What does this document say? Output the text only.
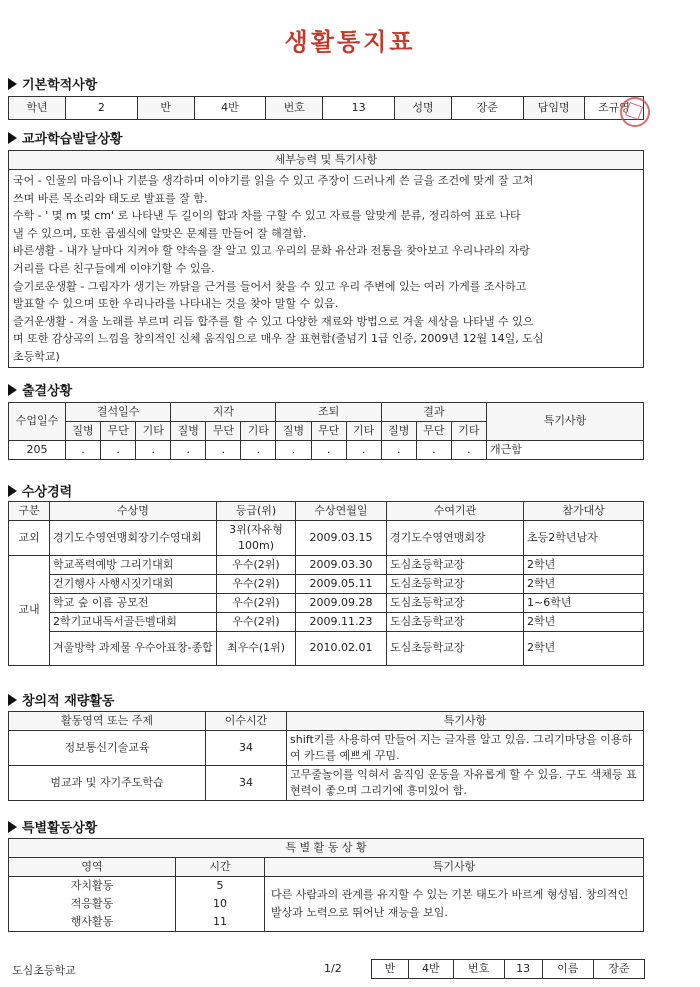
생활통지표
기본학적사항
학년	2	반	4반	번호	13	성명	장준	담임명	조규영
교과학습발달상황
세부능력 및 특기사항

국어 - 인물의 마음이나 기분을 생각하며 이야기를 읽을 수 있고 주장이 드러나게 쓴 글을 조건에 맞게 잘 고쳐
쓰며 바른 목소리와 태도로 발표를 잘 함.
수학 - ' 몇 m 몇 cm' 로 나타낸 두 길이의 합과 차를 구할 수 있고 자료를 알맞게 분류, 정리하여 표로 나타
낼 수 있으며, 또한 곱셈식에 알맞은 문제를 만들어 잘 해결함.
바른생활 - 내가 날마다 지켜야 할 약속을 잘 알고 있고 우리의 문화 유산과 전통을 찾아보고 우리나라의 자랑
거리를 다른 친구들에게 이야기할 수 있음.
슬기로운생활 - 그림자가 생기는 까닭을 근거를 들어서 찾을 수 있고 우리 주변에 있는 여러 가게를 조사하고
발표할 수 있으며 또한 우리나라를 나타내는 것을 찾아 말할 수 있음.
즐거운생활 - 겨울 노래를 부르며 리듬 합주를 할 수 있고 다양한 재료와 방법으로 겨울 세상을 나타낼 수 있으
며 또한 감상곡의 느낌을 창의적인 신체 움직임으로 매우 잘 표현함(줄넘기 1급 인증, 2009년 12월 14일, 도심
초등학교)
출결상황
수업일수	결석일수			지각			조퇴			결과			특기사항
	질병	무단	기타	질병	무단	기타	질병	무단	기타	질병	무단	기타	
205	.	.	.	.	.	.	.	.	.	.	.	.	개근함
수상경력
구분	수상명	등급(위)	수상연월일	수여기관	참가대상
교외	경기도수영연맹회장기수영대회	3위(자유형 100m)	2009.03.15	경기도수영연맹회장	초등2학년남자
교내	학교폭력예방 그리기대회	우수(2위)	2009.03.30	도심초등학교장	2학년
	걷기행사 사행시짓기대회	우수(2위)	2009.05.11	도심초등학교장	2학년
	학교 숲 이름 공모전	우수(2위)	2009.09.28	도심초등학교장	1~6학년
	2학기교내독서골든벨대회	우수(2위)	2009.11.23	도심초등학교장	2학년
	겨울방학 과제물 우수아표창-종합	최우수(1위)	2010.02.01	도심초등학교장	2학년
창의적 재량활동
활동영역 또는 주제	이수시간	특기사항
정보통신기술교육	34	shift키를 사용하여 만들어 지는 글자를 알고 있음. 그리기마당을 이용하여 카드를 예쁘게 꾸밈.
범교과 및 자기주도학습	34	고무줄놀이를 익혀서 움직임 운동을 자유롭게 할 수 있음. 구도 색채등 표현력이 좋으며 그리기에 흥미있어 함.
특별활동상황
특 별 활 동 상 황		
영역	시간	특기사항
자치활동	5	다른 사람과의 관계를 유지할 수 있는 기본 태도가 바르게 형성됨. 창의적인 발상과 노력으로 뛰어난 재능을 보임.
적응활동	10	
행사활동	11	
도심초등학교	1/2	반	4반	번호	13	이름	장준
